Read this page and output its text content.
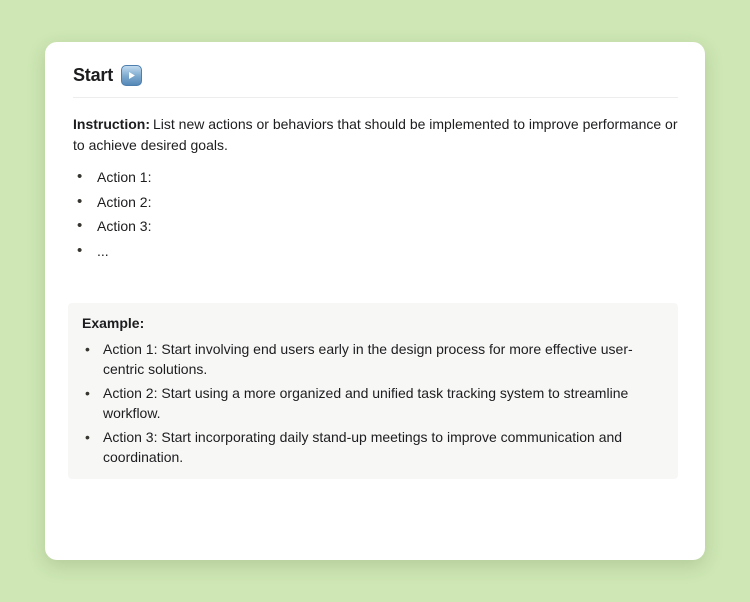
Start

Instruction: List new actions or behaviors that should be implemented to improve performance or to achieve desired goals.

• Action 1:
• Action 2:
• Action 3:
• ...
Example:
• Action 1: Start involving end users early in the design process for more effective user-centric solutions.
• Action 2: Start using a more organized and unified task tracking system to streamline workflow.
• Action 3: Start incorporating daily stand-up meetings to improve communication and coordination.
